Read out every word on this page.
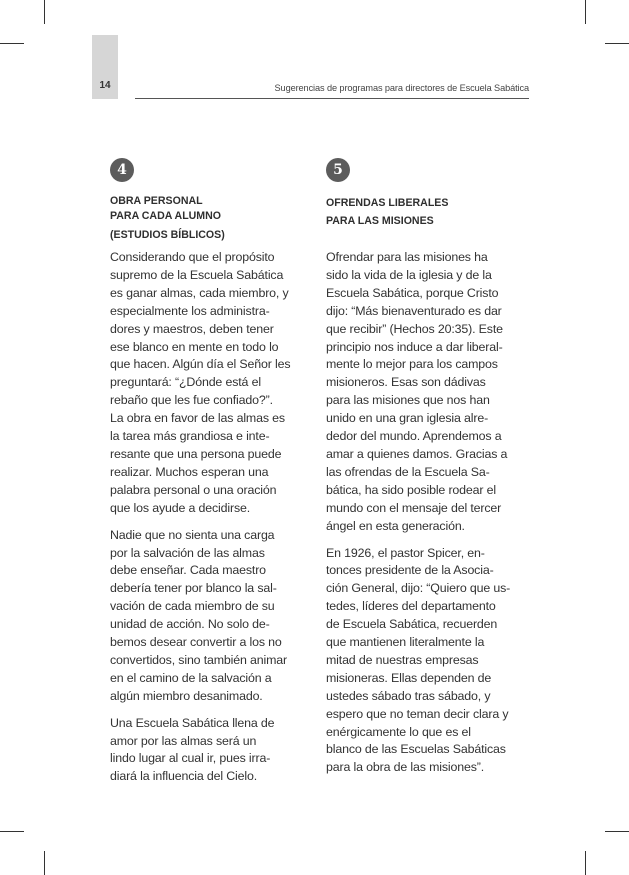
14	Sugerencias de programas para directores de Escuela Sabática
4
OBRA PERSONAL
PARA CADA ALUMNO
(ESTUDIOS BÍBLICOS)

Considerando que el propósito
supremo de la Escuela Sabática
es ganar almas, cada miembro, y
especialmente los administra-
dores y maestros, deben tener
ese blanco en mente en todo lo
que hacen. Algún día el Señor les
preguntará: “¿Dónde está el
rebaño que les fue confiado?”.
La obra en favor de las almas es
la tarea más grandiosa e inte-
resante que una persona puede
realizar. Muchos esperan una
palabra personal o una oración
que los ayude a decidirse.

Nadie que no sienta una carga
por la salvación de las almas
debe enseñar. Cada maestro
debería tener por blanco la sal-
vación de cada miembro de su
unidad de acción. No solo de-
bemos desear convertir a los no
convertidos, sino también animar
en el camino de la salvación a
algún miembro desanimado.

Una Escuela Sabática llena de
amor por las almas será un
lindo lugar al cual ir, pues irra-
diará la influencia del Cielo.

5
OFRENDAS LIBERALES
PARA LAS MISIONES

Ofrendar para las misiones ha
sido la vida de la iglesia y de la
Escuela Sabática, porque Cristo
dijo: “Más bienaventurado es dar
que recibir” (Hechos 20:35). Este
principio nos induce a dar liberal-
mente lo mejor para los campos
misioneros. Esas son dádivas
para las misiones que nos han
unido en una gran iglesia alre-
dedor del mundo. Aprendemos a
amar a quienes damos. Gracias a
las ofrendas de la Escuela Sa-
bática, ha sido posible rodear el
mundo con el mensaje del tercer
ángel en esta generación.

En 1926, el pastor Spicer, en-
tonces presidente de la Asocia-
ción General, dijo: “Quiero que us-
tedes, líderes del departamento
de Escuela Sabática, recuerden
que mantienen literalmente la
mitad de nuestras empresas
misioneras. Ellas dependen de
ustedes sábado tras sábado, y
espero que no teman decir clara y
enérgicamente lo que es el
blanco de las Escuelas Sabáticas
para la obra de las misiones”.
